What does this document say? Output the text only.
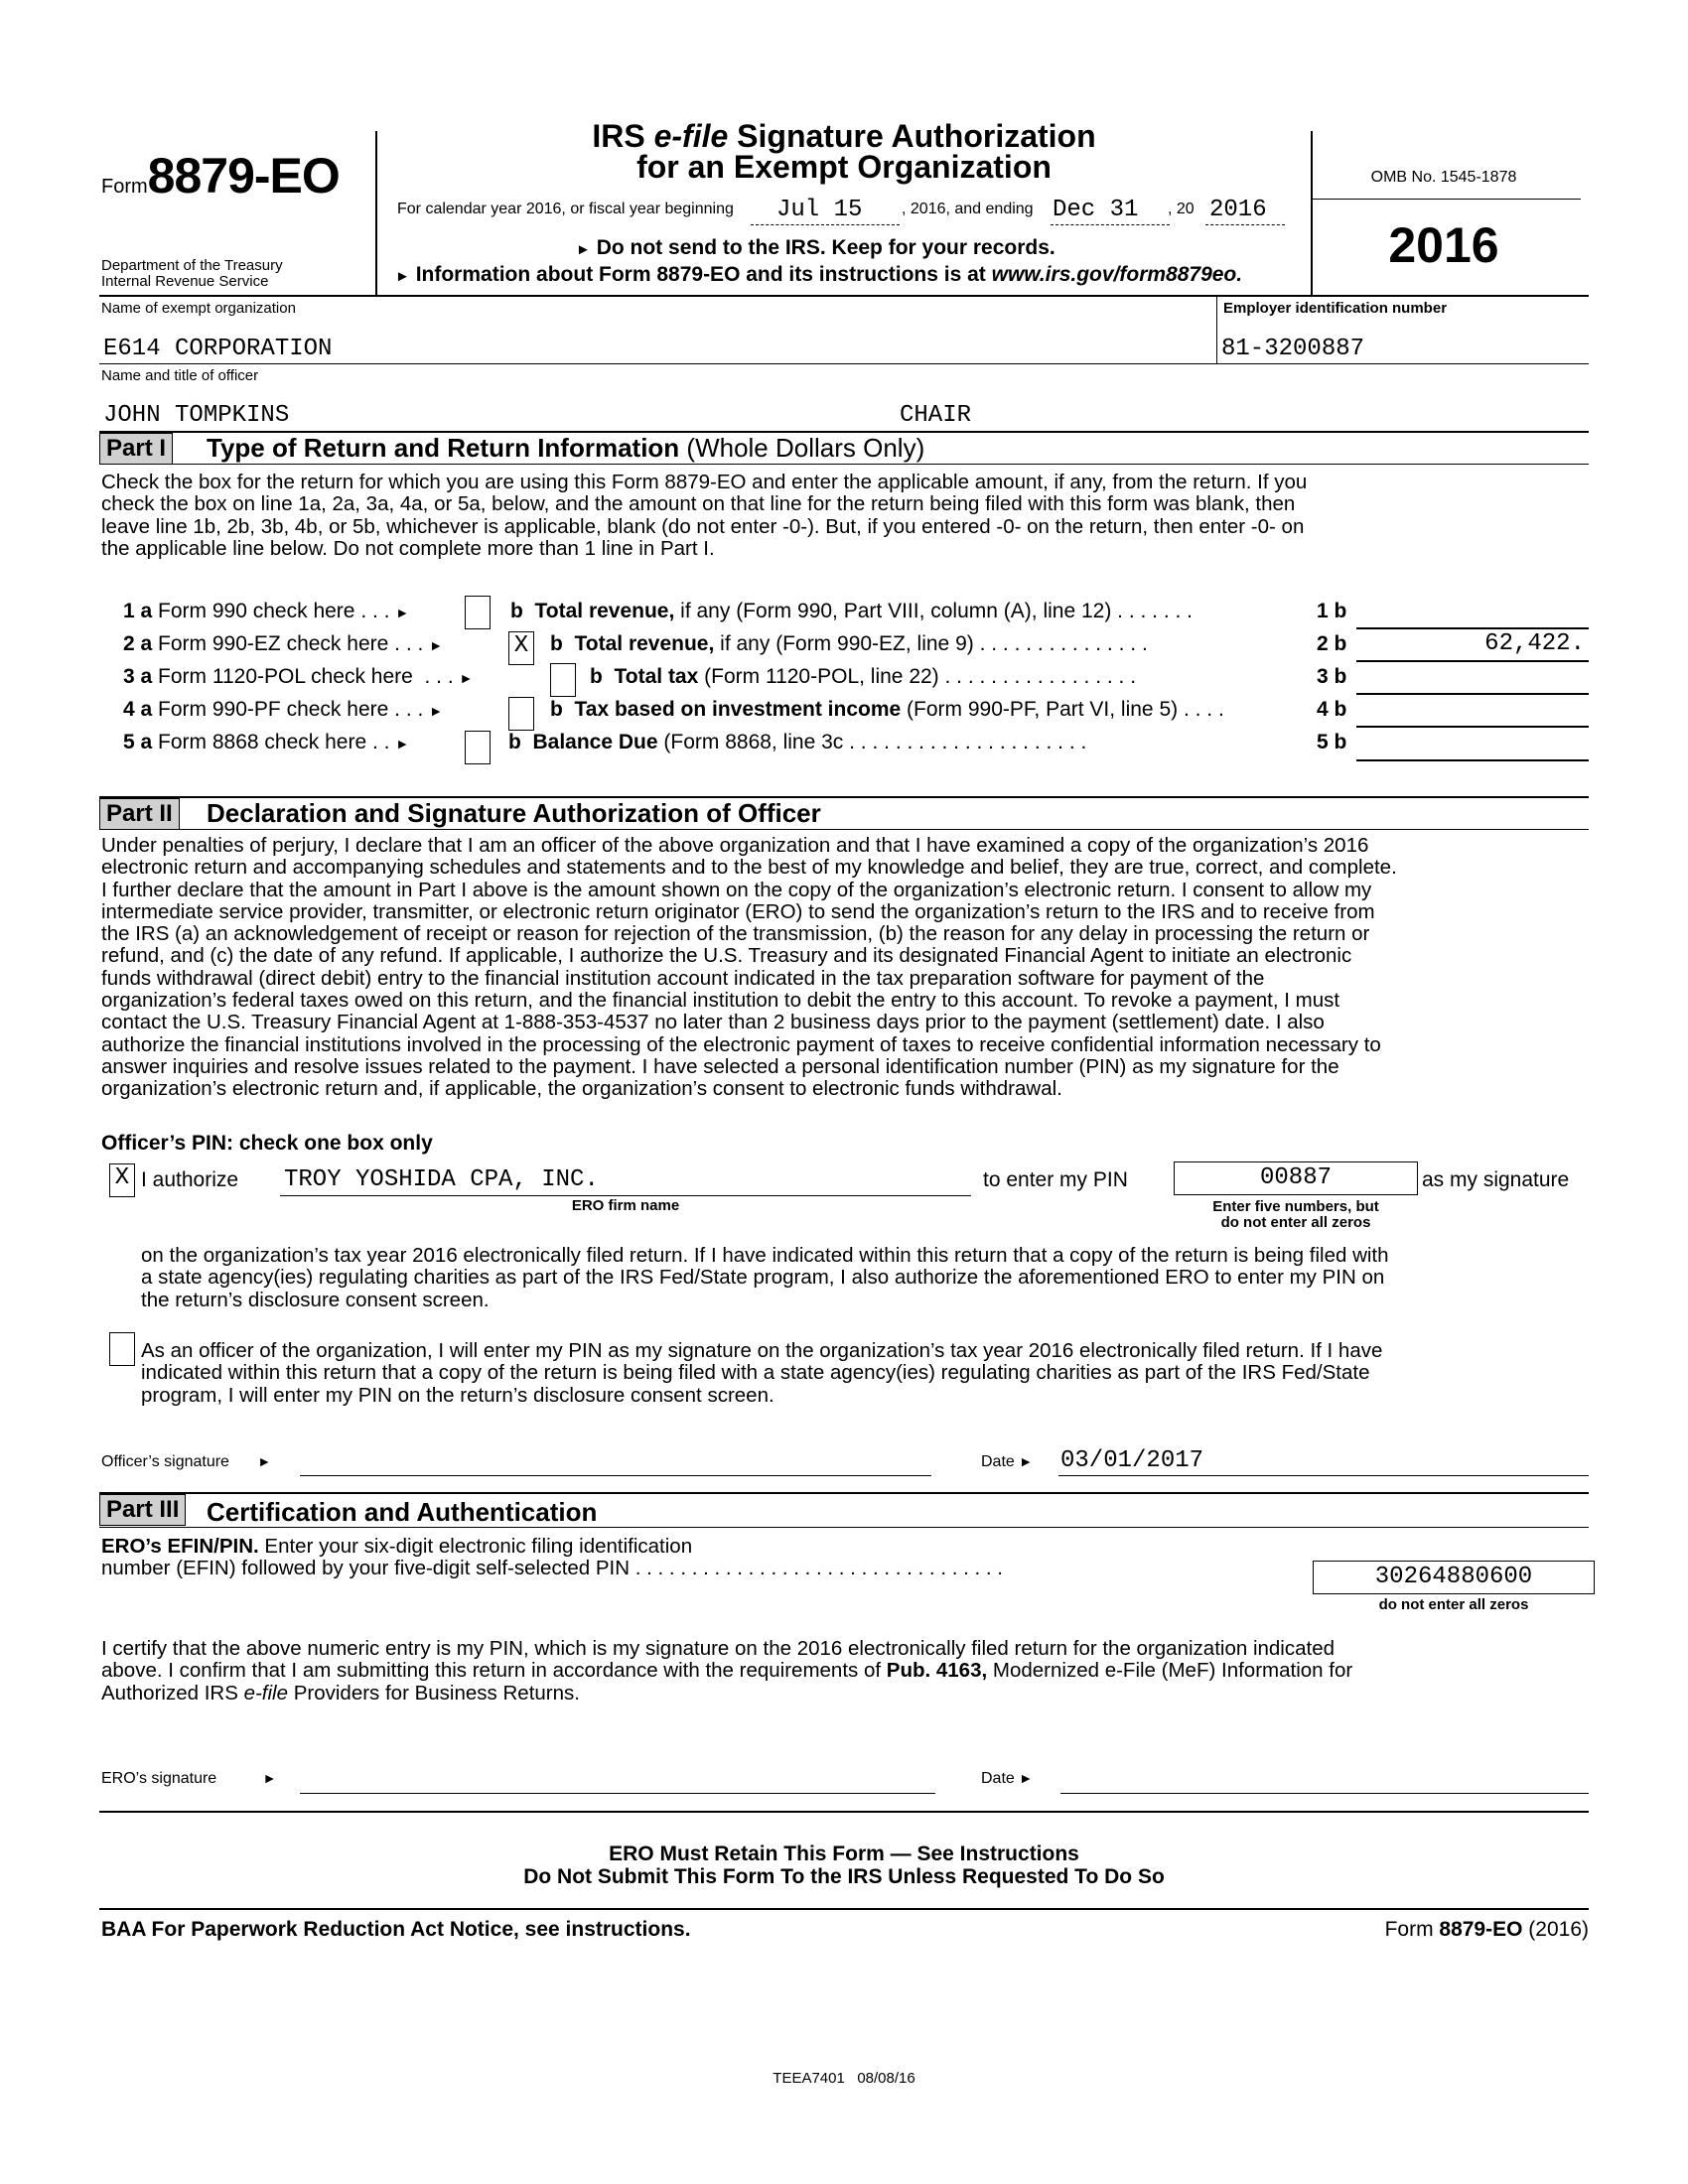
Form8879-EO
Department of the Treasury
Internal Revenue Service
IRS e-file Signature Authorization
for an Exempt Organization
For calendar year 2016, or fiscal year beginning Jul 15 , 2016, and ending Dec 31 , 20 2016
► Do not send to the IRS. Keep for your records.
► Information about Form 8879-EO and its instructions is at www.irs.gov/form8879eo.
OMB No. 1545-1878
2016
Name of exempt organization	Employer identification number
E614 CORPORATION	81-3200887
Name and title of officer
JOHN TOMPKINS	CHAIR
Part I Type of Return and Return Information (Whole Dollars Only)

Check the box for the return for which you are using this Form 8879-EO and enter the applicable amount, if any, from the return. If you

check the box on line 1a, 2a, 3a, 4a, or 5a, below, and the amount on that line for the return being filed with this form was blank, then

leave line 1b, 2b, 3b, 4b, or 5b, whichever is applicable, blank (do not enter -0-). But, if you entered -0- on the return, then enter -0- on

the applicable line below. Do not complete more than 1 line in Part I.

1 a Form 990 check here . . . ►	b Total revenue, if any (Form 990, Part VIII, column (A), line 12) . . . . . . .	1 b
2 a Form 990-EZ check here . . . ►	X b Total revenue, if any (Form 990-EZ, line 9) . . . . . . . . . . . . . . .	2 b	62,422.
3 a Form 1120-POL check here . . . ►	b Total tax (Form 1120-POL, line 22) . . . . . . . . . . . . . . . . .	3 b
4 a Form 990-PF check here . . . ►	b Tax based on investment income (Form 990-PF, Part VI, line 5) . . . .	4 b
5 a Form 8868 check here . . ►	b Balance Due (Form 8868, line 3c . . . . . . . . . . . . . . . . . . . . .	5 b
Part II Declaration and Signature Authorization of Officer

Under penalties of perjury, I declare that I am an officer of the above organization and that I have examined a copy of the organization’s 2016

electronic return and accompanying schedules and statements and to the best of my knowledge and belief, they are true, correct, and complete.

I further declare that the amount in Part I above is the amount shown on the copy of the organization’s electronic return. I consent to allow my

intermediate service provider, transmitter, or electronic return originator (ERO) to send the organization’s return to the IRS and to receive from

the IRS (a) an acknowledgement of receipt or reason for rejection of the transmission, (b) the reason for any delay in processing the return or

refund, and (c) the date of any refund. If applicable, I authorize the U.S. Treasury and its designated Financial Agent to initiate an electronic

funds withdrawal (direct debit) entry to the financial institution account indicated in the tax preparation software for payment of the

organization’s federal taxes owed on this return, and the financial institution to debit the entry to this account. To revoke a payment, I must

contact the U.S. Treasury Financial Agent at 1-888-353-4537 no later than 2 business days prior to the payment (settlement) date. I also

authorize the financial institutions involved in the processing of the electronic payment of taxes to receive confidential information necessary to

answer inquiries and resolve issues related to the payment. I have selected a personal identification number (PIN) as my signature for the

organization’s electronic return and, if applicable, the organization’s consent to electronic funds withdrawal.

Officer’s PIN: check one box only
X I authorize TROY YOSHIDA CPA, INC.
ERO firm name
to enter my PIN	00887	as my signature
Enter five numbers, but
do not enter all zeros

on the organization’s tax year 2016 electronically filed return. If I have indicated within this return that a copy of the return is being filed with

a state agency(ies) regulating charities as part of the IRS Fed/State program, I also authorize the aforementioned ERO to enter my PIN on

the return’s disclosure consent screen.

As an officer of the organization, I will enter my PIN as my signature on the organization’s tax year 2016 electronically filed return. If I have

indicated within this return that a copy of the return is being filed with a state agency(ies) regulating charities as part of the IRS Fed/State

program, I will enter my PIN on the return’s disclosure consent screen.

Officer’s signature ►	Date ► 03/01/2017
Part III Certification and Authentication
ERO’s EFIN/PIN. Enter your six-digit electronic filing identification
number (EFIN) followed by your five-digit self-selected PIN . . . . . . . . . . . . . . . . . . . . . . . . . . . . . . . . .	30264880600
do not enter all zeros

I certify that the above numeric entry is my PIN, which is my signature on the 2016 electronically filed return for the organization indicated

above. I confirm that I am submitting this return in accordance with the requirements of Pub. 4163, Modernized e-File (MeF) Information for

Authorized IRS e-file Providers for Business Returns.

ERO’s signature	►	Date ►
ERO Must Retain This Form — See Instructions
Do Not Submit This Form To the IRS Unless Requested To Do So
BAA For Paperwork Reduction Act Notice, see instructions.	Form 8879-EO (2016)
TEEA7401   08/08/16
